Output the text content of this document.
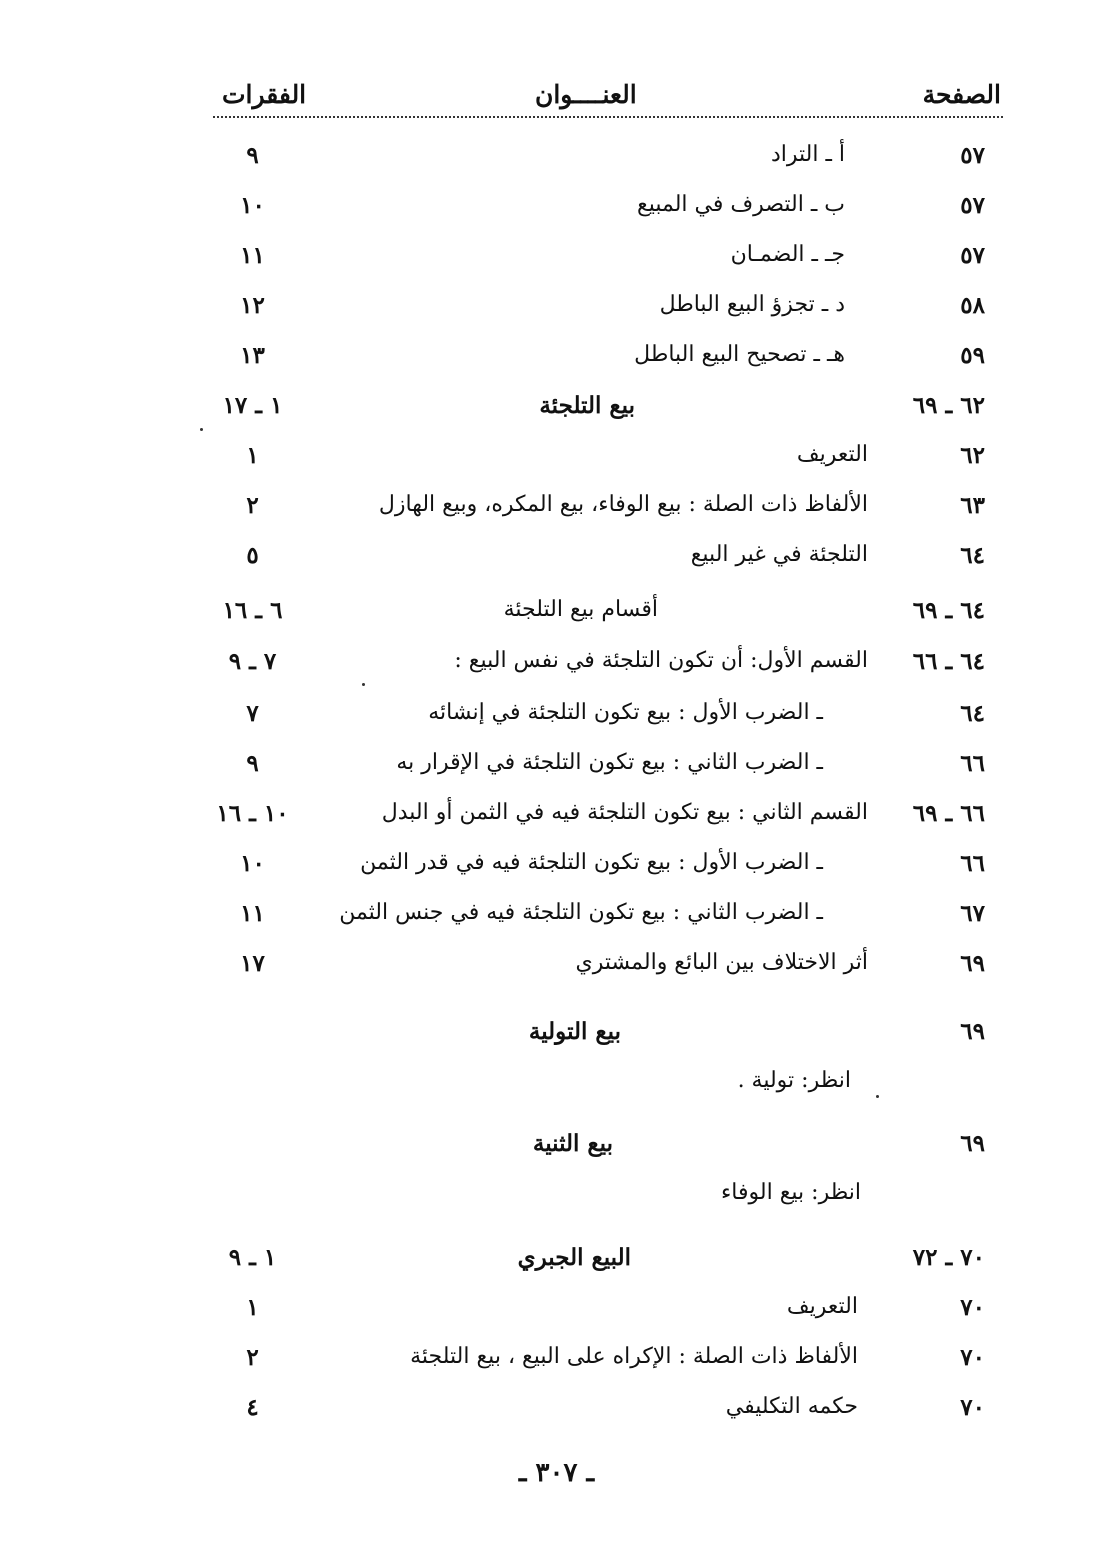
الصفحة
العنــــوان
الفقرات
٥٧
أ ـ التراد
٩
٥٧
ب ـ التصرف في المبيع
١٠
٥٧
جـ ـ الضمـان
١١
٥٨
د ـ تجزؤ البيع الباطل
١٢
٥٩
هـ ـ تصحيح البيع الباطل
١٣
٦٢ ـ ٦٩
بيع التلجئة
١ ـ ١٧
٦٢
التعريف
١
٦٣
الألفاظ ذات الصلة : بيع الوفاء، بيع المكره، وبيع الهازل
٢
٦٤
التلجئة في غير البيع
٥
٦٤ ـ ٦٩
أقسام بيع التلجئة
٦ ـ ١٦
٦٤ ـ ٦٦
القسم الأول: أن تكون التلجئة في نفس البيع :
٧ ـ ٩
٦٤
ـ الضرب الأول : بيع تكون التلجئة في إنشائه
٧
٦٦
ـ الضرب الثاني : بيع تكون التلجئة في الإقرار به
٩
٦٦ ـ ٦٩
القسم الثاني : بيع تكون التلجئة فيه في الثمن أو البدل
١٠ ـ ١٦
٦٦
ـ الضرب الأول : بيع تكون التلجئة فيه في قدر الثمن
١٠
٦٧
ـ الضرب الثاني : بيع تكون التلجئة فيه في جنس الثمن
١١
٦٩
أثر الاختلاف بين البائع والمشتري
١٧
٦٩
بيع التولية
انظر: تولية .
٦٩
بيع الثنية
انظر: بيع الوفاء
٧٠ ـ ٧٢
البيع الجبري
١ ـ ٩
٧٠
التعريف
١
٧٠
الألفاظ ذات الصلة : الإكراه على البيع ، بيع التلجئة
٢
٧٠
حكمه التكليفي
٤
ـ ٣٠٧ ـ
